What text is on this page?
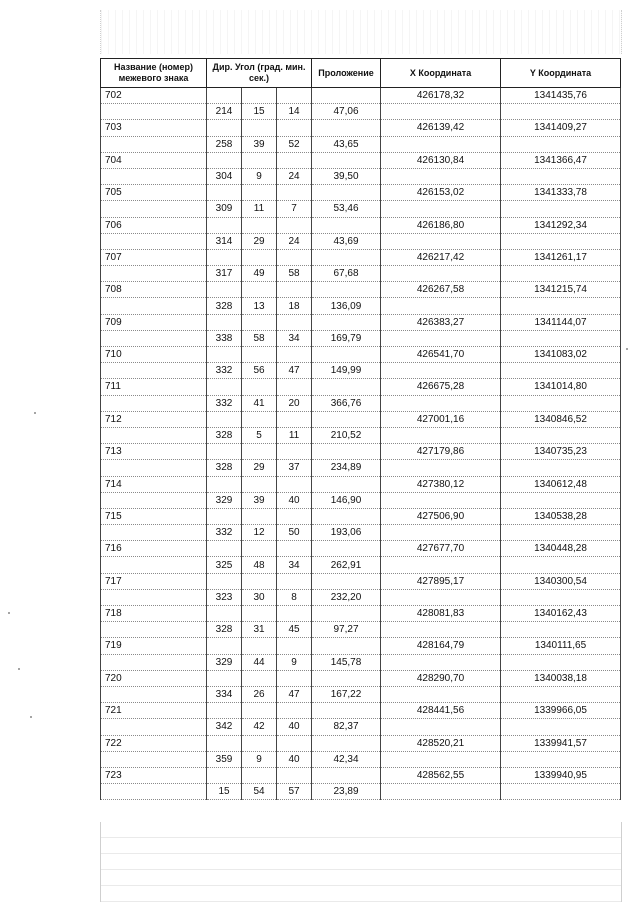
Название (номер) межевого знака	Дир. Угол (град. мин. сек.)			Проложение	X Координата	Y Координата
702					426178,32	1341435,76
	214	15	14	47,06		
703					426139,42	1341409,27
	258	39	52	43,65		
704					426130,84	1341366,47
	304	9	24	39,50		
705					426153,02	1341333,78
	309	11	7	53,46		
706					426186,80	1341292,34
	314	29	24	43,69		
707					426217,42	1341261,17
	317	49	58	67,68		
708					426267,58	1341215,74
	328	13	18	136,09		
709					426383,27	1341144,07
	338	58	34	169,79		
710					426541,70	1341083,02
	332	56	47	149,99		
711					426675,28	1341014,80
	332	41	20	366,76		
712					427001,16	1340846,52
	328	5	11	210,52		
713					427179,86	1340735,23
	328	29	37	234,89		
714					427380,12	1340612,48
	329	39	40	146,90		
715					427506,90	1340538,28
	332	12	50	193,06		
716					427677,70	1340448,28
	325	48	34	262,91		
717					427895,17	1340300,54
	323	30	8	232,20		
718					428081,83	1340162,43
	328	31	45	97,27		
719					428164,79	1340111,65
	329	44	9	145,78		
720					428290,70	1340038,18
	334	26	47	167,22		
721					428441,56	1339966,05
	342	42	40	82,37		
722					428520,21	1339941,57
	359	9	40	42,34		
723					428562,55	1339940,95
	15	54	57	23,89		
